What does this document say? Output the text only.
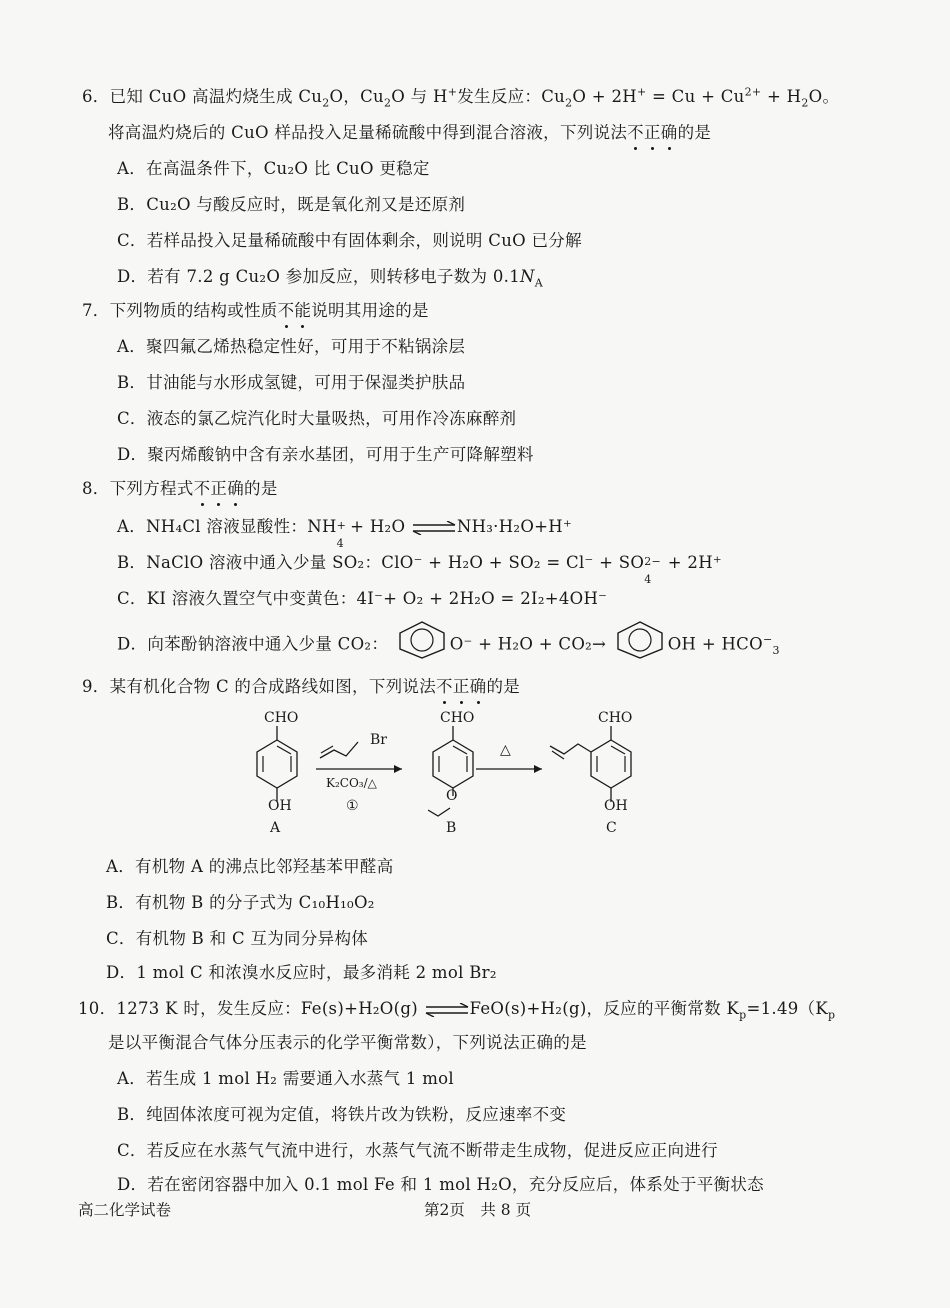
6．已知 CuO 高温灼烧生成 $Cu_2O$，$Cu_2O$ 与 H+发生反应：$Cu_2O + 2H^+ = Cu + Cu^{2+} + H_2O$。
将高温灼烧后的 CuO 样品投入足量稀硫酸中得到混合溶液，下列说法不正确的是
A．在高温条件下，Cu₂O 比 CuO 更稳定
B．Cu₂O 与酸反应时，既是氧化剂又是还原剂
C．若样品投入足量稀硫酸中有固体剩余，则说明 CuO 已分解
D．若有 7.2 g Cu₂O 参加反应，则转移电子数为 $0.1N_A$
7．下列物质的结构或性质不能说明其用途的是
A．聚四氟乙烯热稳定性好，可用于不粘锅涂层
B．甘油能与水形成氢键，可用于保湿类护肤品
C．液态的氯乙烷汽化时大量吸热，可用作冷冻麻醉剂
D．聚丙烯酸钠中含有亲水基团，可用于生产可降解塑料
8．下列方程式不正确的是
A．NH₄Cl 溶液显酸性：NH +
4
+ H₂O ⇌NH₃·H₂O+H⁺
B．NaClO 溶液中通入少量 SO₂：ClO⁻ + H₂O + SO₂ = Cl⁻ + SO 2−
4
+ 2H⁺
C．KI 溶液久置空气中变黄色：4I⁻+ O₂ + 2H₂O = 2I₂+4OH⁻
D．向苯酚钠溶液中通入少量 CO₂：	O⁻ + H₂O + CO₂→	OH + $HCO^-_3$
9．某有机化合物 C 的合成路线如图，下列说法不正确的是
CHO
OH
A
Br
K₂CO₃/△
①
CHO
O
B
△
CHO
OH
C
A．有机物 A 的沸点比邻羟基苯甲醛高
B．有机物 B 的分子式为 C₁₀H₁₀O₂
C．有机物 B 和 C 互为同分异构体
D．1 mol C 和浓溴水反应时，最多消耗 2 mol Br₂
10．1273 K 时，发生反应：Fe(s)+H₂O(g) ⇌FeO(s)+H₂(g)，反应的平衡常数 $K_p=1.49(K_p$
是以平衡混合气体分压表示的化学平衡常数），下列说法正确的是
A．若生成 1 mol H₂ 需要通入水蒸气 1 mol
B．纯固体浓度可视为定值，将铁片改为铁粉，反应速率不变
C．若反应在水蒸气气流中进行，水蒸气气流不断带走生成物，促进反应正向进行
D．若在密闭容器中加入 0.1 mol Fe 和 1 mol H₂O，充分反应后，体系处于平衡状态
高二化学试卷	第2页　共 8 页
